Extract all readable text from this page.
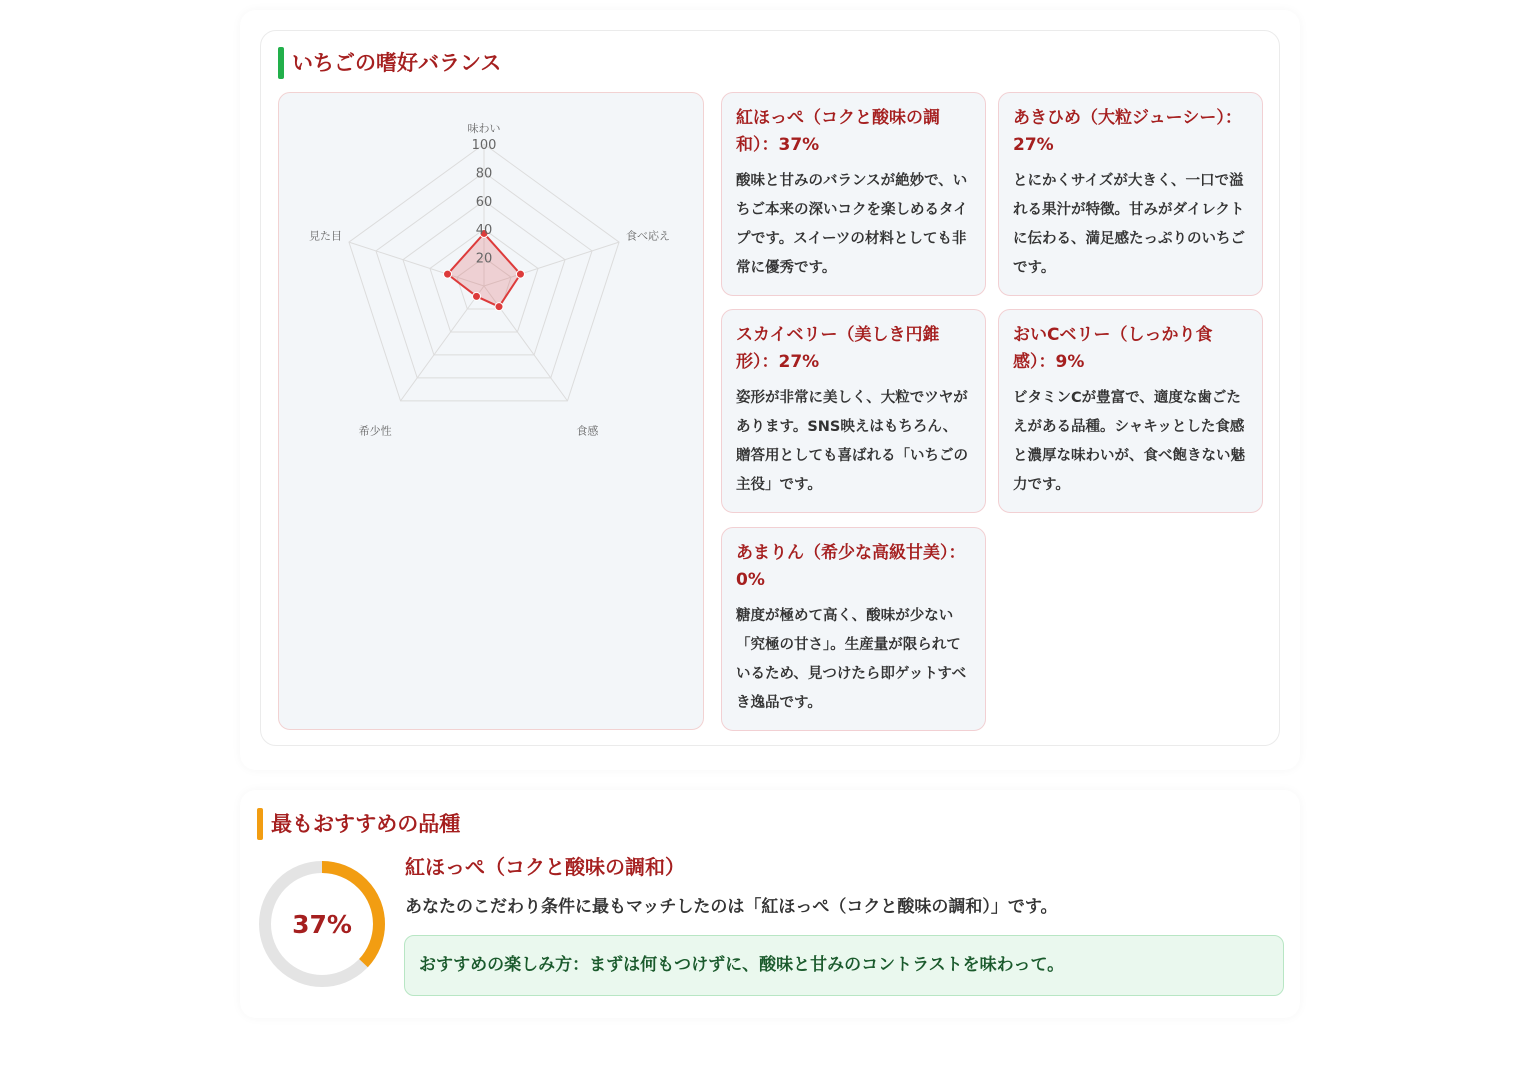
いちごの嗜好バランス
20
40
60
80
100
味わい
食べ応え
食感
希少性
見た目

紅ほっぺ（コクと酸味の調和）：37%

酸味と甘みのバランスが絶妙で、いちご本来の深いコクを楽しめるタイプです。スイーツの材料としても非常に優秀です。

あきひめ（大粒ジューシー）：27%

とにかくサイズが大きく、一口で溢れる果汁が特徴。甘みがダイレクトに伝わる、満足感たっぷりのいちごです。

スカイベリー（美しき円錐形）：27%

姿形が非常に美しく、大粒でツヤがあります。SNS映えはもちろん、贈答用としても喜ばれる「いちごの主役」です。

おいCベリー（しっかり食感）：9%

ビタミンCが豊富で、適度な歯ごたえがある品種。シャキッとした食感と濃厚な味わいが、食べ飽きない魅力です。

あまりん（希少な高級甘美）：0%

糖度が極めて高く、酸味が少ない「究極の甘さ」。生産量が限られているため、見つけたら即ゲットすべき逸品です。

最もおすすめの品種
37%
紅ほっぺ（コクと酸味の調和）
あなたのこだわり条件に最もマッチしたのは「紅ほっぺ（コクと酸味の調和）」です。
おすすめの楽しみ方：まずは何もつけずに、酸味と甘みのコントラストを味わって。
